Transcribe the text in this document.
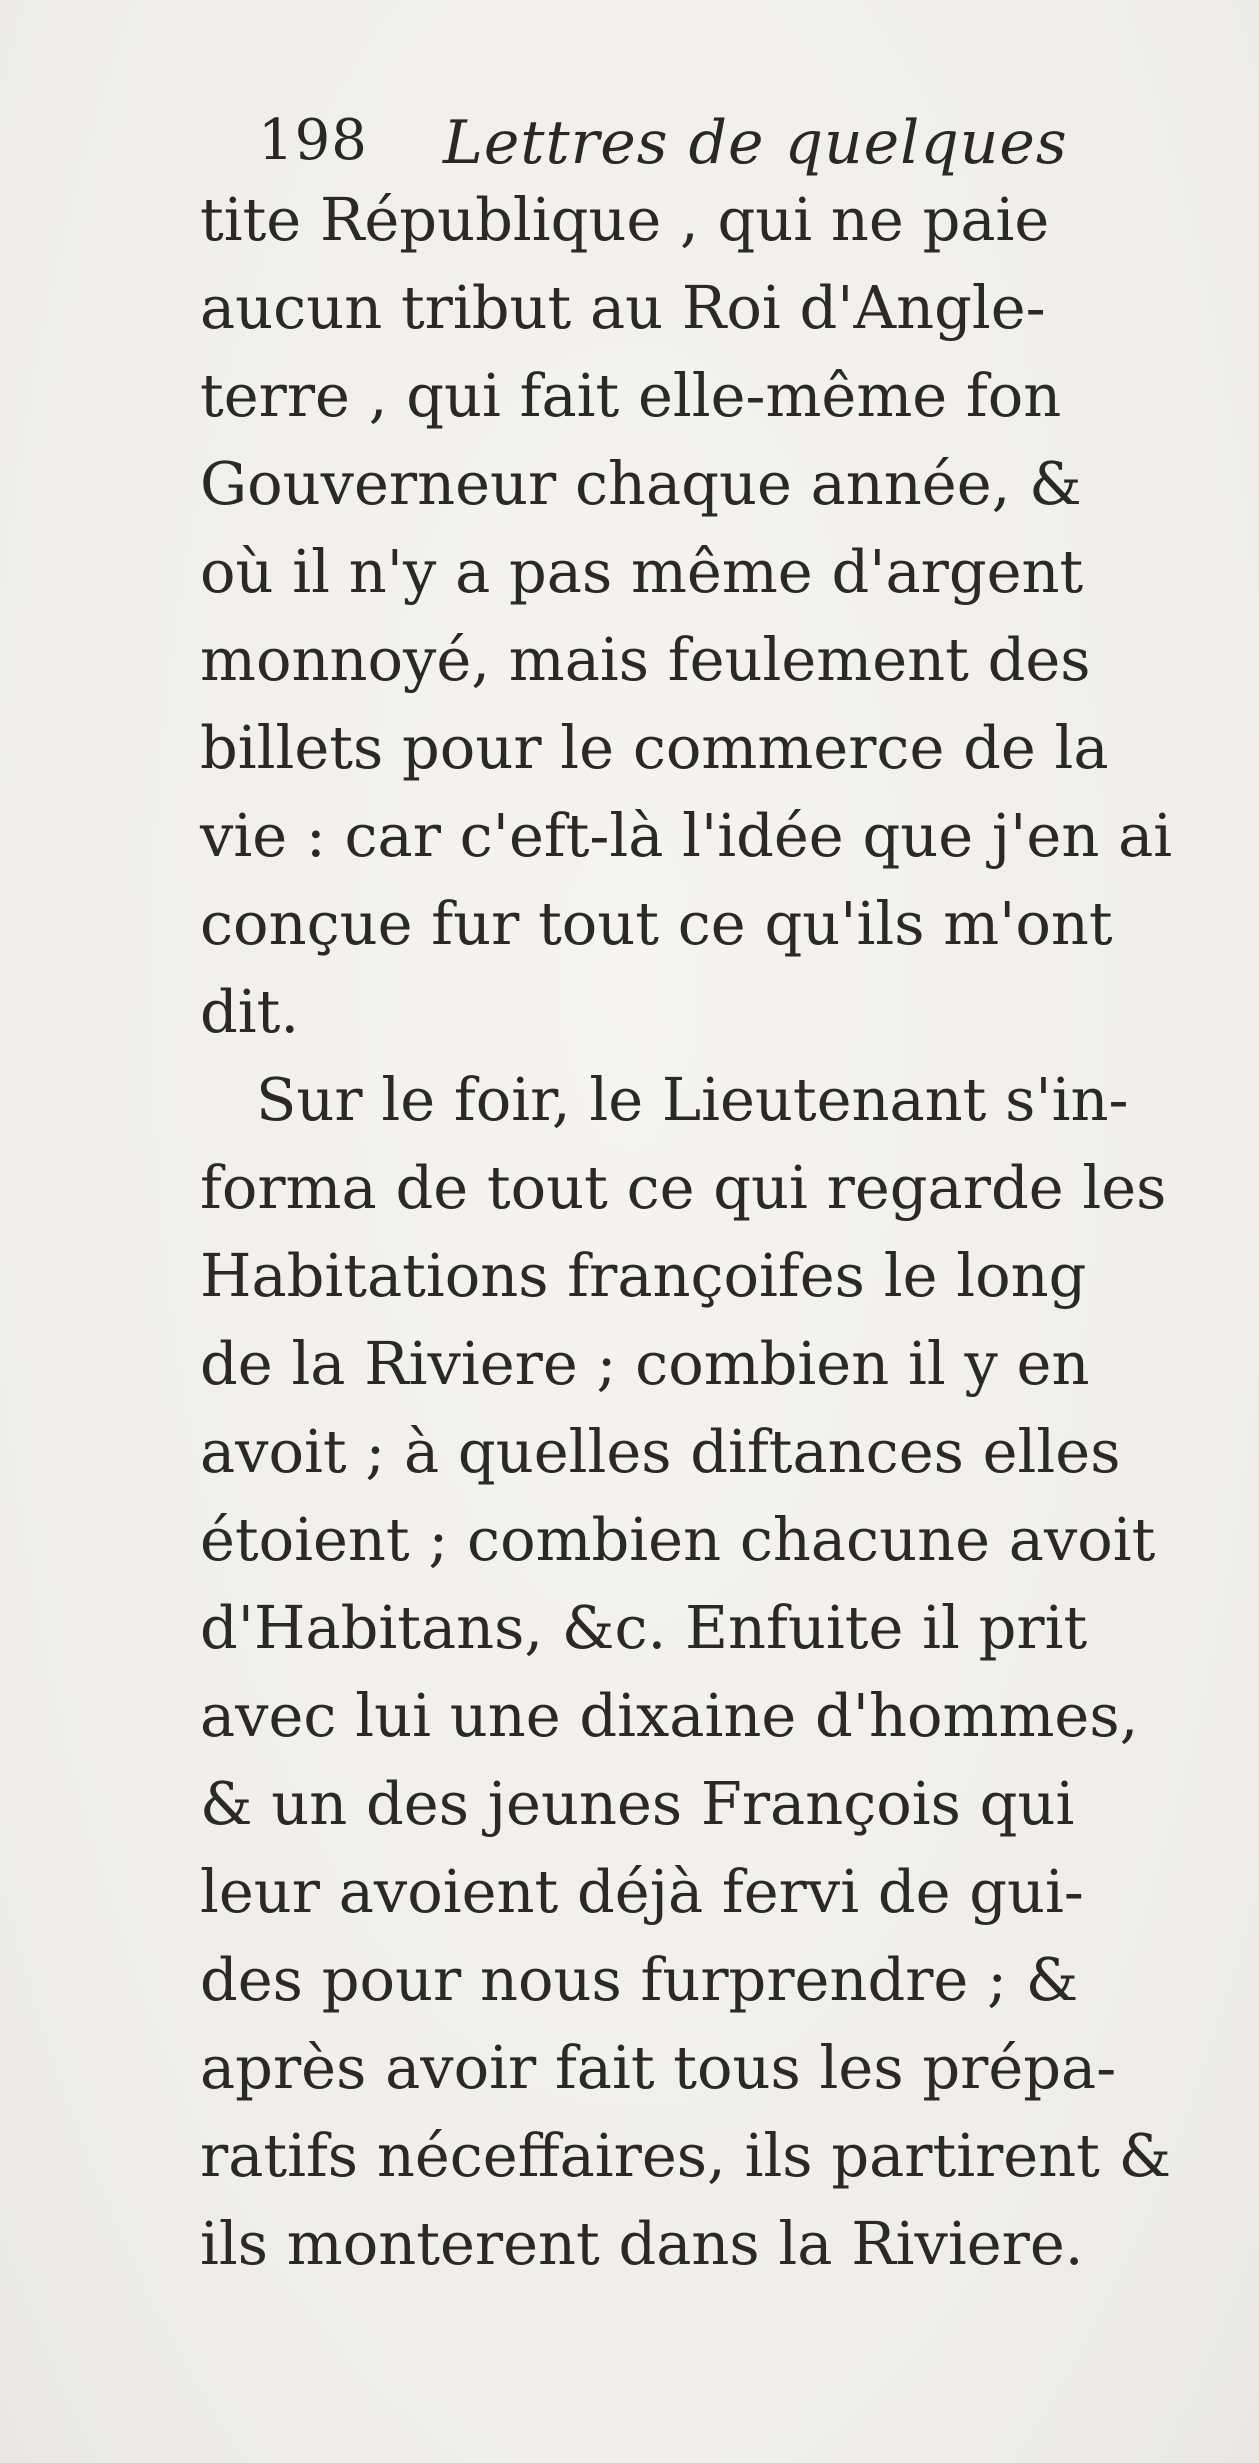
198 Lettres de quelques
tite République , qui ne paie
aucun tribut au Roi d'Angle-
terre , qui fait elle-même fon
Gouverneur chaque année, &
où il n'y a pas même d'argent
monnoyé, mais feulement des
billets pour le commerce de la
vie : car c'eft-là l'idée que j'en ai
conçue fur tout ce qu'ils m'ont
dit.
Sur le foir, le Lieutenant s'in-
forma de tout ce qui regarde les
Habitations françoifes le long
de la Riviere ; combien il y en
avoit ; à quelles diftances elles
étoient ; combien chacune avoit
d'Habitans, &c. Enfuite il prit
avec lui une dixaine d'hommes,
& un des jeunes François qui
leur avoient déjà fervi de gui-
des pour nous furprendre ; &
après avoir fait tous les prépa-
ratifs néceffaires, ils partirent &
ils monterent dans la Riviere.
